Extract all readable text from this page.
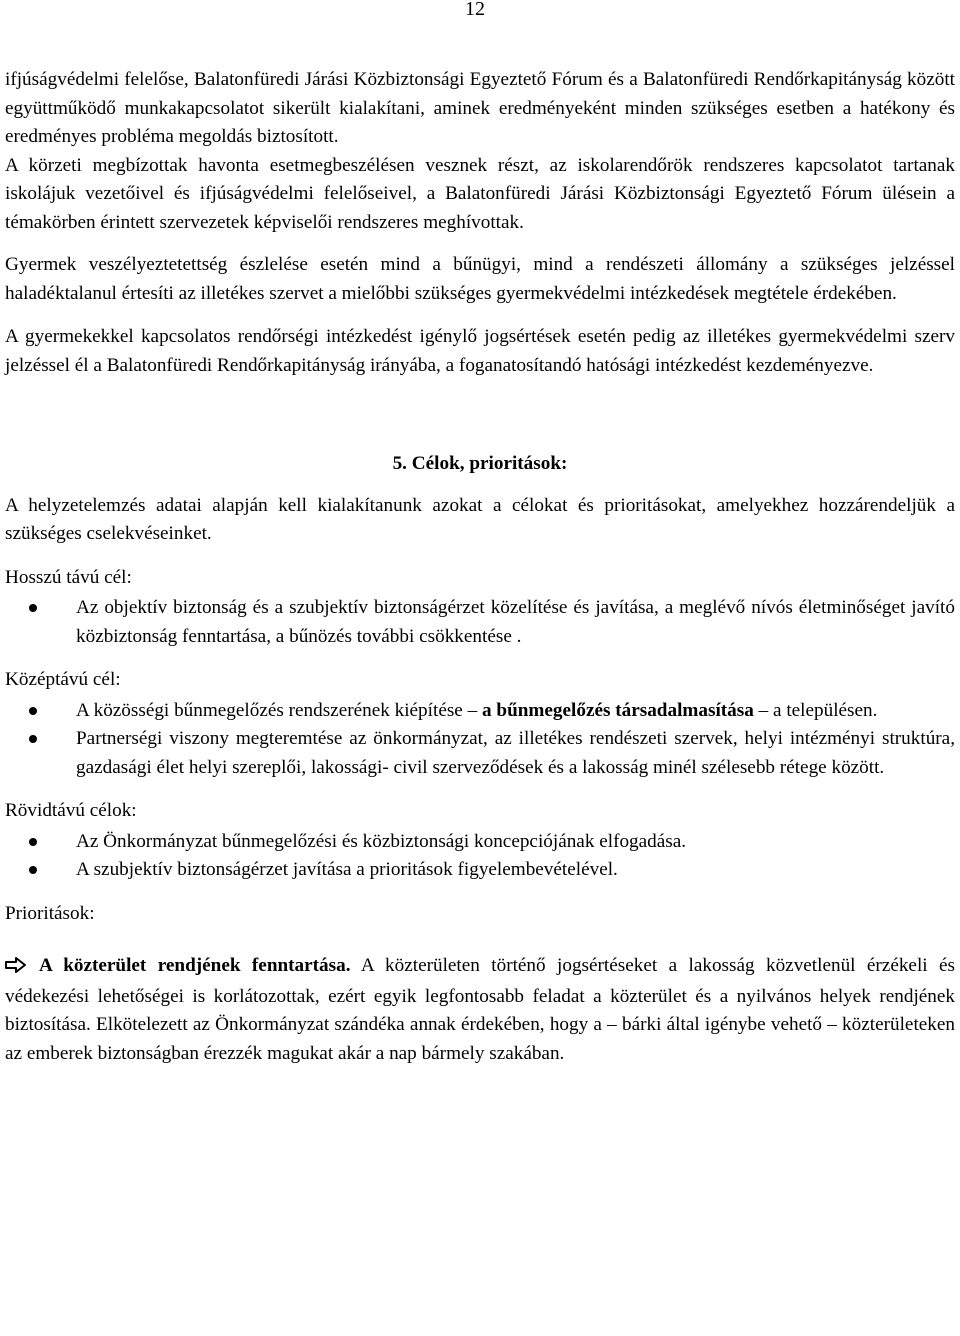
12

ifjúságvédelmi felelőse, Balatonfüredi Járási Közbiztonsági Egyeztető Fórum és a Balatonfüredi Rendőrkapitányság között együttműködő munkakapcsolatot sikerült kialakítani, aminek eredményeként minden szükséges esetben a hatékony és eredményes probléma megoldás biztosított.

A körzeti megbízottak havonta esetmegbeszélésen vesznek részt, az iskolarendőrök rendszeres kapcsolatot tartanak iskolájuk vezetőivel és ifjúságvédelmi felelőseivel, a Balatonfüredi Járási Közbiztonsági Egyeztető Fórum ülésein a témakörben érintett szervezetek képviselői rendszeres meghívottak.

Gyermek veszélyeztetettség észlelése esetén mind a bűnügyi, mind a rendészeti állomány a szükséges jelzéssel haladéktalanul értesíti az illetékes szervet a mielőbbi szükséges gyermekvédelmi intézkedések megtétele érdekében.

A gyermekekkel kapcsolatos rendőrségi intézkedést igénylő jogsértések esetén pedig az illetékes gyermekvédelmi szerv jelzéssel él a Balatonfüredi Rendőrkapitányság irányába, a foganatosítandó hatósági intézkedést kezdeményezve.

5. Célok, prioritások:

A helyzetelemzés adatai alapján kell kialakítanunk azokat a célokat és prioritásokat, amelyekhez hozzárendeljük a szükséges cselekvéseinket.

Hosszú távú cél:
Az objektív biztonság és a szubjektív biztonságérzet közelítése és javítása, a meglévő nívós életminőséget javító közbiztonság fenntartása, a bűnözés további csökkentése .
Középtávú cél:
A közösségi bűnmegelőzés rendszerének kiépítése – a bűnmegelőzés társadalmasítása – a településen.
Partnerségi viszony megteremtése az önkormányzat, az illetékes rendészeti szervek, helyi intézményi struktúra, gazdasági élet helyi szereplői, lakossági- civil szerveződések és a lakosság minél szélesebb rétege között.
Rövidtávú célok:
Az Önkormányzat bűnmegelőzési és közbiztonsági koncepciójának elfogadása.
A szubjektív biztonságérzet javítása a prioritások figyelembevételével.
Prioritások:

A közterület rendjének fenntartása. A közterületen történő jogsértéseket a lakosság közvetlenül érzékeli és védekezési lehetőségei is korlátozottak, ezért egyik legfontosabb feladat a közterület és a nyilvános helyek rendjének biztosítása. Elkötelezett az Önkormányzat szándéka annak érdekében, hogy a – bárki által igénybe vehető – közterületeken az emberek biztonságban érezzék magukat akár a nap bármely szakában.
